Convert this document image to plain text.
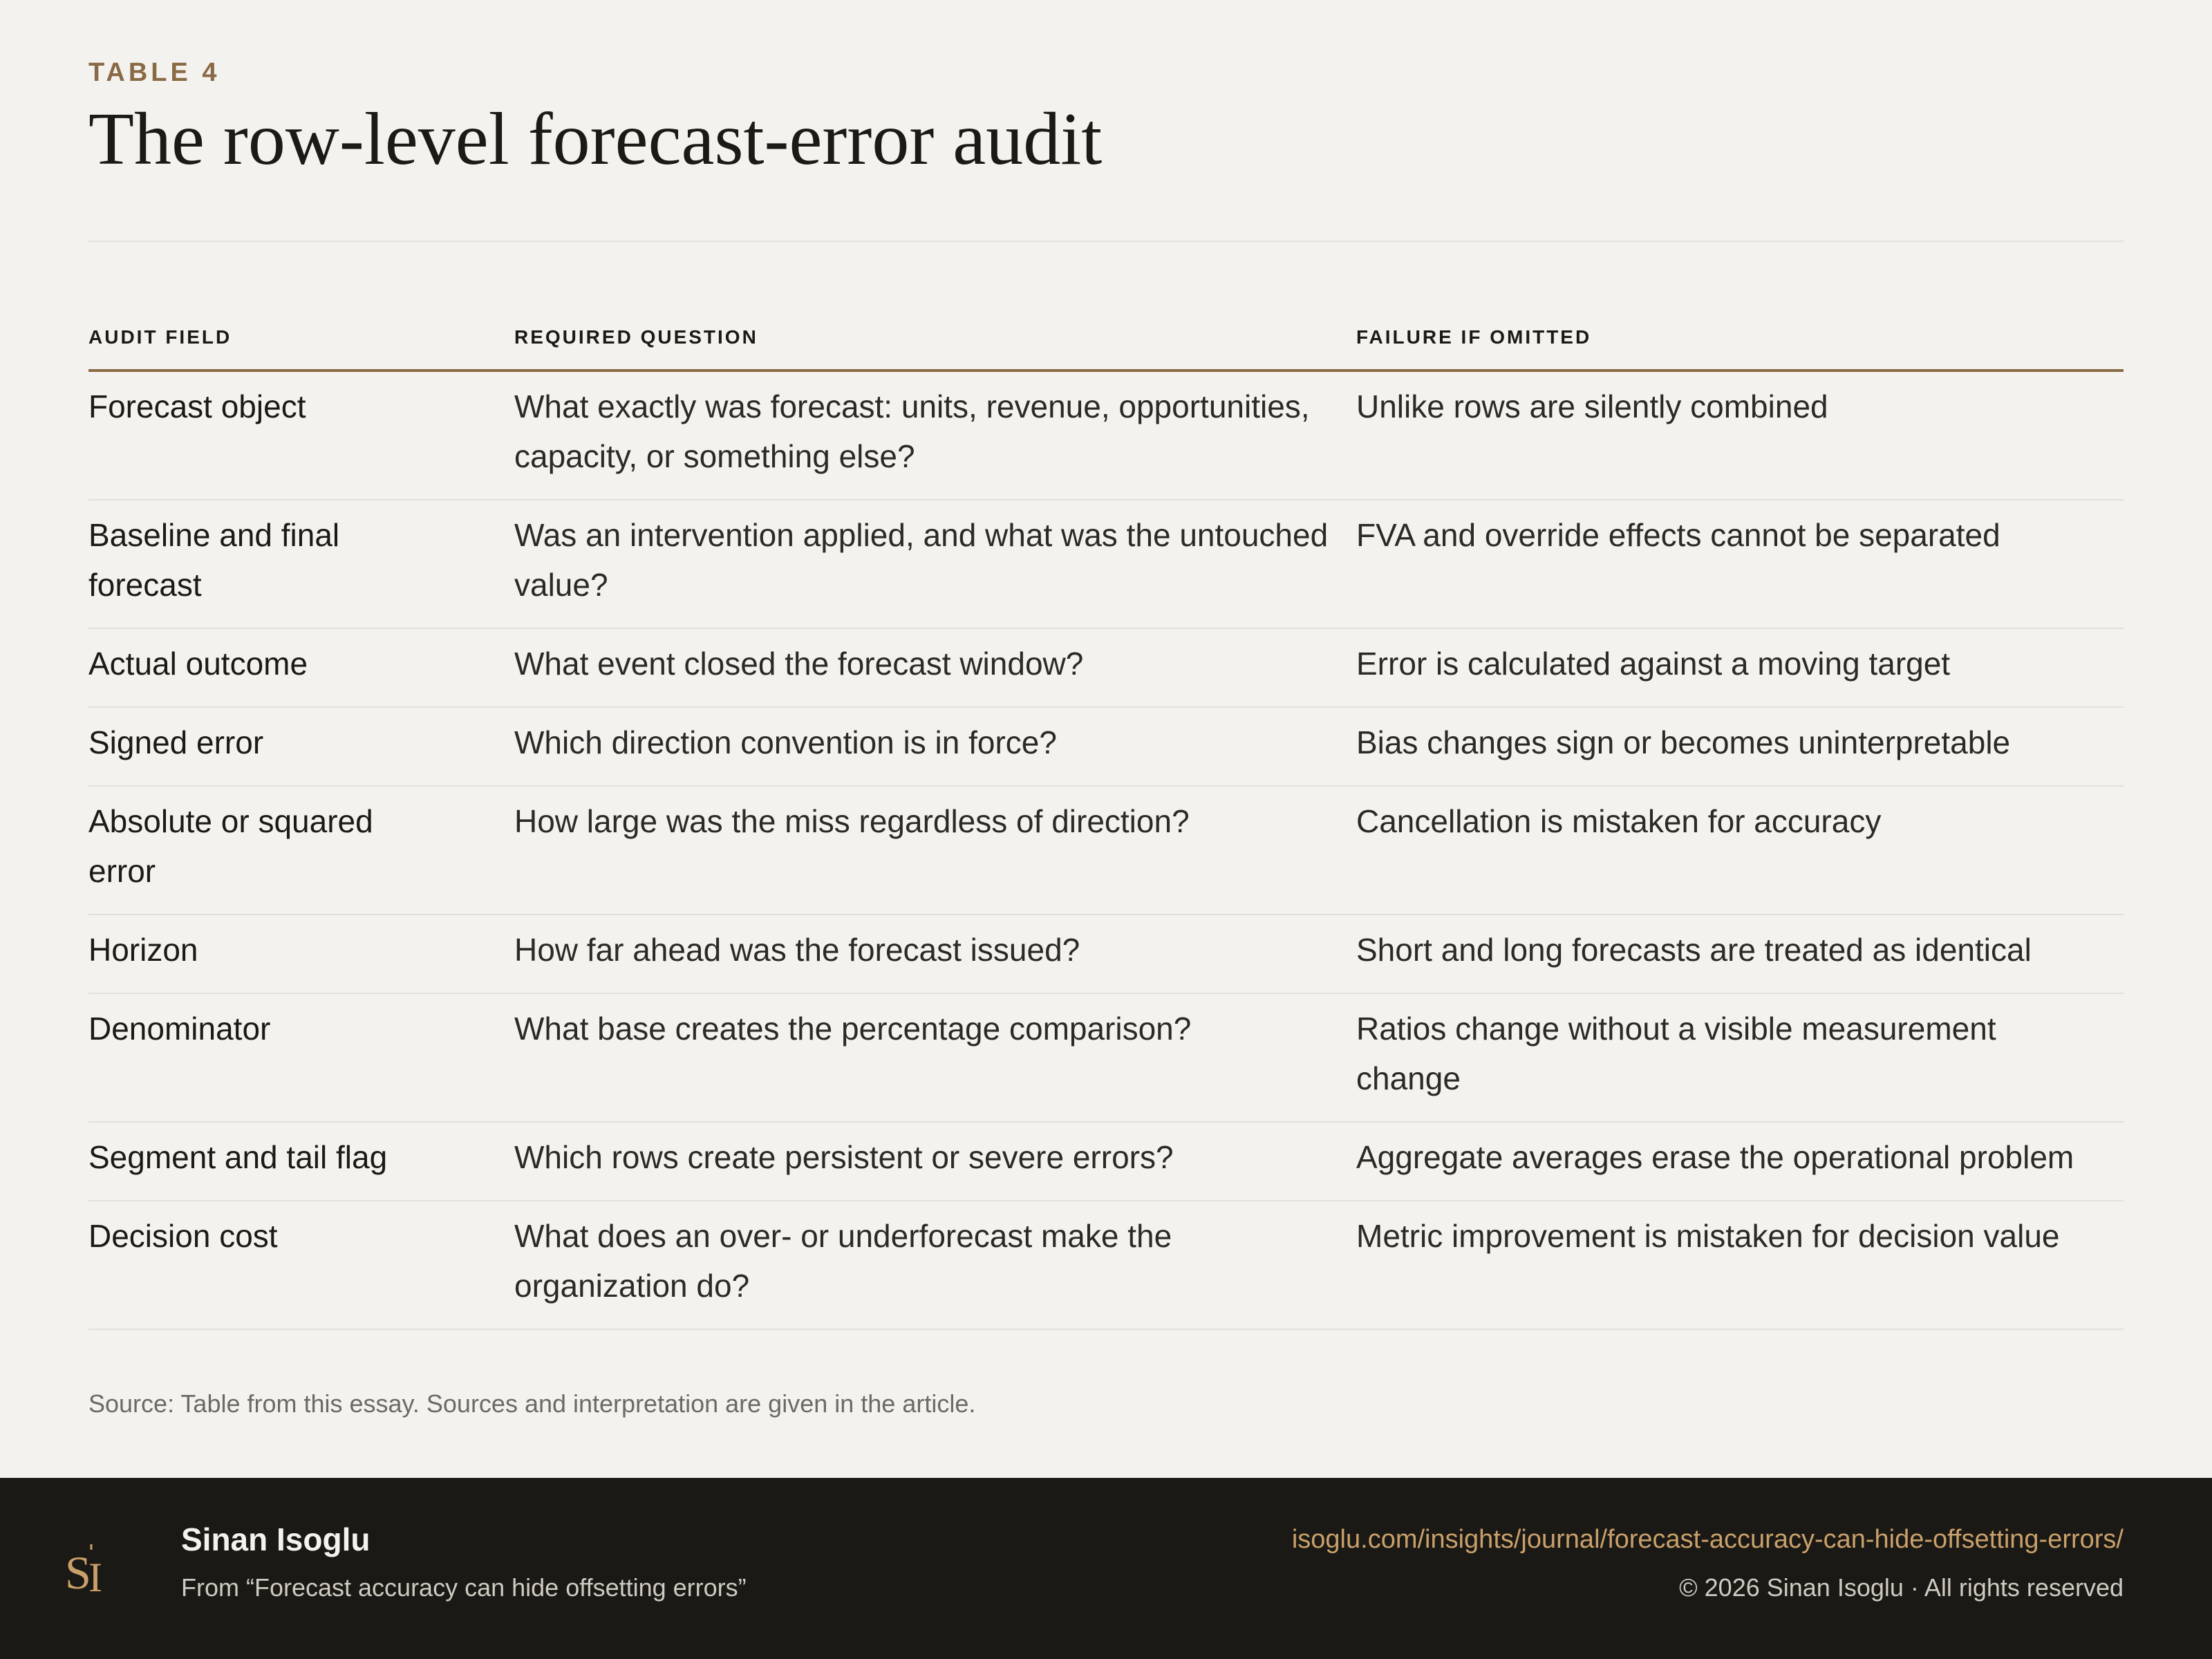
TABLE 4
The row-level forecast-error audit
AUDIT FIELD	REQUIRED QUESTION	FAILURE IF OMITTED
Forecast object	What exactly was forecast: units, revenue, opportunities, capacity, or something else?	Unlike rows are silently combined
Baseline and final forecast	Was an intervention applied, and what was the untouched value?	FVA and override effects cannot be separated
Actual outcome	What event closed the forecast window?	Error is calculated against a moving target
Signed error	Which direction convention is in force?	Bias changes sign or becomes uninterpretable
Absolute or squared error	How large was the miss regardless of direction?	Cancellation is mistaken for accuracy
Horizon	How far ahead was the forecast issued?	Short and long forecasts are treated as identical
Denominator	What base creates the percentage comparison?	Ratios change without a visible measurement change
Segment and tail flag	Which rows create persistent or severe errors?	Aggregate averages erase the operational problem
Decision cost	What does an over- or underforecast make the organization do?	Metric improvement is mistaken for decision value
Source: Table from this essay. Sources and interpretation are given in the article.
S
I
Sinan Isoglu
From “Forecast accuracy can hide offsetting errors”
isoglu.com/insights/journal/forecast-accuracy-can-hide-offsetting-errors/
© 2026 Sinan Isoglu · All rights reserved
